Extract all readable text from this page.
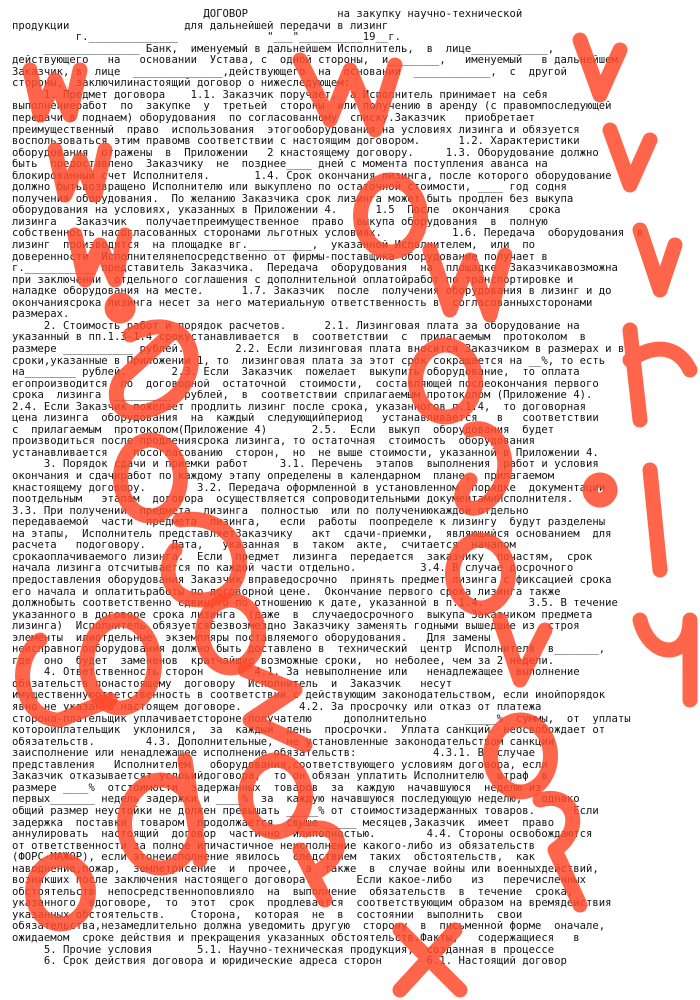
ДОГОВОР              на закупку научно-технической
продукции                  для дальнейшей передачи в лизинг
г.______________              "___"__________19__г.
_______________ Банк,  именуемый в дальнейшем Исполнитель,  в  лице____________,
действующего   на   основании  Устава, с  одной стороны,  и________,   именуемый   в дальнейшем
Заказчик, в  лице  ______________,действующего  на  основании  ____________,  с  другой
стороны,  заключилинастоящий договор о нижеследующем:
1. Предмет договора    1.1. Заказчик поручает,  а Исполнитель принимает на себя
выполнениеработ  по  закупке  у  третьей  стороны  или получению в аренду (с правомпоследующей
передачи в поднаем) оборудования  по согласованному  списку.Заказчик   приобретает
преимущественный  право  использования  этогооборудования на условиях лизинга и обязуется
воспользоваться этим правомв соответствии с настоящим договором.      1.2. Характеристики
оборудования  отражены  в  Приложении   2 кнастоящему договору.     1.3. Оборудование должно
быть  предоставлено  Заказчику  не  позднее____ дней с момента поступления аванса на
блокированный счет Исполнителя.       1.4. Срок окончания лизинга, после которого оборудование
должно бытьвозвращено Исполнителю или выкуплено по остаточной стоимости, ____ год содня
получения оборудования.  По желанию Заказчика срок лизинга может быть продлен без выкупа
оборудования на условиях, указанных в Приложении 4.      1.5  После  окончания   срока
лизинга   Заказчик   получаетпреимущественное  право  выкупа оборудования  в  полную
собственность насогласованных сторонами льготных условиях.           1.6. Передача  оборудования  в
лизинг  производится  на площадке вг.__________,  указанной Исполнителем,  или  по
доверенности  Исполнителянепосредственно от фирмы-поставщика оборудование получает в
г.___________ представитель Заказчика.  Передача  оборудования  на  площадке  Заказчикавозможна
при заключении  отдельного соглашения с дополнительной оплатойработ по транспортировке и
наладке оборудования на месте.      1.7. Заказчик  после  получения оборудования в лизинг и до
окончаниясрока лизинга несет за него материальную ответственность в  согласованныхсторонами
размерах.
2. Стоимость работ и порядок расчетов.      2.1. Лизинговая плата за оборудование на
указанный в пп.1.3-1.4 срокустанавливается  в  соответствии  с  прилагаемым  протоколом  в
размере ___________ рублей.        2.2. Если лизинговая плата вносится Заказчиком в размерах и в
сроки,указанные в Приложении 1, то  лизинговая плата за этот срок сокращается на __%, то есть
на________ рублей.       2.3. Если  Заказчик  пожелает  выкупить оборудование,  то оплата
егопроизводится  по  договорной  остаточной  стоимости,  составляющей послеокончания первого
срока  лизинга  _________  рублей,  в  соответствии сприлагаемым протоколом (Приложение 4).
2.4. Если Заказчик пожелает продлить лизинг после срока, указанногов п.1.4,  то договорная
цена лизинга  оборудования  на  каждый  следующийпериод   устанавливается   в   соответствии
с  прилагаемым  протоколом(Приложение 4)       2.5.  Если  выкуп  оборудования  будет
производиться после продлениясрока лизинга, то остаточная  стоимость  оборудования
устанавливается    посогласованию  сторон,  но  не выше стоимости, указанной в Приложении 4.
3. Порядок сдачи и приемки работ     3.1. Перечень  этапов  выполнения  работ и условия
окончания и сдачиработ по каждому этапу определены в календарном  плане,  прилагаемом
кнастоящему договору.        3.2. Передача оформленной в установленном  порядке  документации
поотдельным   этапам  договора  осуществляется сопроводительными документамиИсполнителя.
3.3. При получении  предмета  лизинга  полностью  или по получениюкаждой отдельно
передаваемой  части  предмета  лизинга,   если  работы  поопределе к лизингу  будут разделены
на этапы,  Исполнитель представляетЗаказчику   акт  сдачи-приемки,  являющийся основанием  для
расчета   подоговору.    Дата,   указанная  в  таком  акте,  считается  началом
срокаоплачиваемого лизинга.  Если  предмет  лизинга  передается  заказчику  почастям,  срок
начала лизинга отсчитывается по каждой части отдельно.          3.4. В случае досрочного
предоставления оборудования Заказчик вправедосрочно  принять предмет лизинга с фиксацией срока
его начала и оплатитьработы по договорной цене.  Окончание первого срока лизинга также
должнобыть соответственно сдвинуто по отношению к дате, указанной в п.1.4.       3.5. В течение
указанного в договоре срока лизинга  (даже  в  случаедосрочного  выкупа Заказчиком предмета
лизинга)  Исполнитель обязуетсябезвозмездно Заказчику заменять годными вышедшие из  строя
элементы  илиотдельные  экземпляры поставляемого оборудования.   Для замены
неисправногооборудования должно быть доставлено в  технический  центр  Исполнителя  в_______,
где  оно  будет  замененов  кратчайшие возможные сроки,  но неболее, чем за 2 недели.
4. Ответственность сторон        4.1. За невыполнение или   ненадлежащее  выполнение
обязательств понастоящему  договору  Исполнитель  и  Заказчик   несут
имущественнуюответственность в соответствии с действующим законодательством, если инойпорядок
явно не указан в настоящем договоре.         4.2. За просрочку или отказ от платежа
сторона-плательщик уплачиваетстороне-получателю     дополнительно      _____%  суммы,  от  уплаты
которойплательщик  уклонился,  за  каждый  день  просрочки.  Уплата санкций  неосвобождает от
обязательств.        4.3. Дополнительные,  не установленные законодательством санкции
заисполнение или ненадлежащее исполнение обязательств:            4.3.1. В  случае
представления   Исполнителем   оборудования,соответствующего условиям договора, если
Заказчик отказываетсят услоьийдоговора,  то он обязан уплатить Исполнителю  штраф  в
размере ____%  отстоимости  задержанных  товаров  за  каждую  начавшуюся  неделю из
первых_______ недель задержки и ____%  за  каждую начавшуюся последующую неделю,   однако
общий размер неустойки не должен превышать _____% от стоимостизадержанных товаров.      Если
задержка  поставки  товаром  продолжается  свыше _____ месяцев,Заказчик  имеет  право
аннулировать  настоящий  договор  частично  илиполностью.        4.4. Стороны освобождаются
от ответственности за полное иличастичное неисполнение какого-либо из обязательств
(ФОРС-МАЖОР), если этонеисполнение явилось  следствием  таких  обстоятельств,  как
наводнение,пожар,  землетрясение  и  прочее,  а  также  в  случае войны или военныхдействий,
возникших после заключения настоящего договора.       Если какое-либо   из   перечисленных
обстоятельств  непосредственноповлияло  на  выполнение  обязательств  в  течение  срока,
указанного  вдоговоре,  то  этот  срок  продлевается  соответствующим образом на времядействия
указанных обстоятельств.    Сторона,  которая  не  в  состоянии  выполнить  свои
обязательства,незамедлительно должна уведомить другую  сторону  в  письменной форме  оначале,
ожидаемом  сроке действия и прекращения указанных обстоятельств.Факты,   содержащиеся   в
5. Прочие условия       5.1. Научно-техническая продукция,  созданная в процессе
6. Срок действия договора и юридические адреса сторон       6.1. Настоящий договор
